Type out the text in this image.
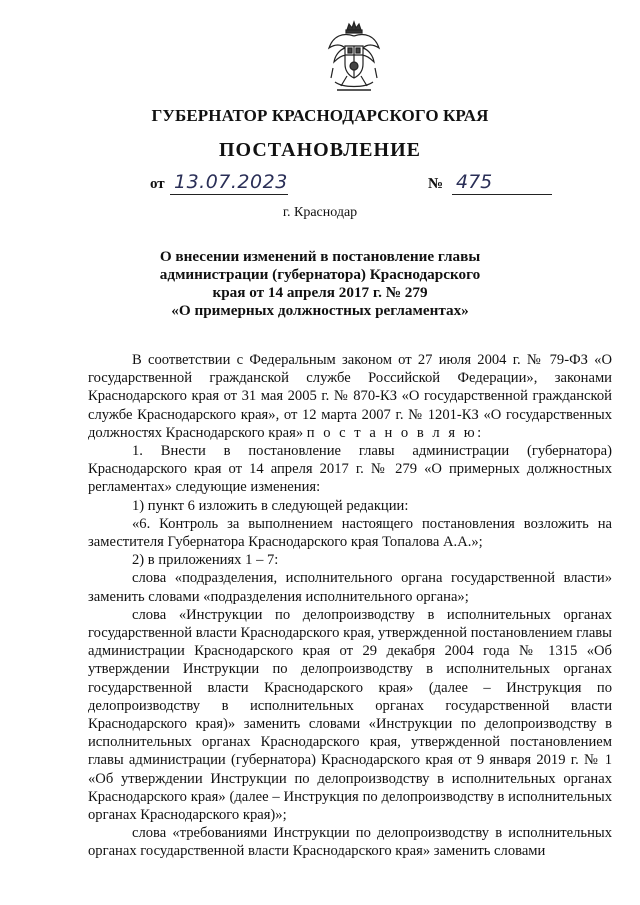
ГУБЕРНАТОР КРАСНОДАРСКОГО КРАЯ
ПОСТАНОВЛЕНИЕ
от 13.07.2023	№ 475
г. Краснодар
О внесении изменений в постановление главы
администрации (губернатора) Краснодарского
края от 14 апреля 2017 г. № 279
«О примерных должностных регламентах»

В соответствии с Федеральным законом от 27 июля 2004 г. № 79-ФЗ «О государственной гражданской службе Российской Федерации», законами Краснодарского края от 31 мая 2005 г. № 870-КЗ «О государственной гражданской службе Краснодарского края», от 12 марта 2007 г. № 1201-КЗ «О государственных должностях Краснодарского края» п о с т а н о в л я ю:

1. Внести в постановление главы администрации (губернатора) Краснодарского края от 14 апреля 2017 г. № 279 «О примерных должностных регламентах» следующие изменения:

1) пункт 6 изложить в следующей редакции:

«6. Контроль за выполнением настоящего постановления возложить на заместителя Губернатора Краснодарского края Топалова А.А.»;

2) в приложениях 1 – 7:

слова «подразделения, исполнительного органа государственной власти» заменить словами «подразделения исполнительного органа»;

слова «Инструкции по делопроизводству в исполнительных органах государственной власти Краснодарского края, утвержденной постановлением главы администрации Краснодарского края от 29 декабря 2004 года № 1315 «Об утверждении Инструкции по делопроизводству в исполнительных органах государственной власти Краснодарского края» (далее – Инструкция по делопроизводству в исполнительных органах государственной власти Краснодарского края)» заменить словами «Инструкции по делопроизводству в исполнительных органах Краснодарского края, утвержденной постановлением главы администрации (губернатора) Краснодарского края от 9 января 2019 г. № 1 «Об утверждении Инструкции по делопроизводству в исполнительных органах Краснодарского края» (далее – Инструкция по делопроизводству в исполнительных органах Краснодарского края)»;

слова «требованиями Инструкции по делопроизводству в исполнительных органах государственной власти Краснодарского края» заменить словами
